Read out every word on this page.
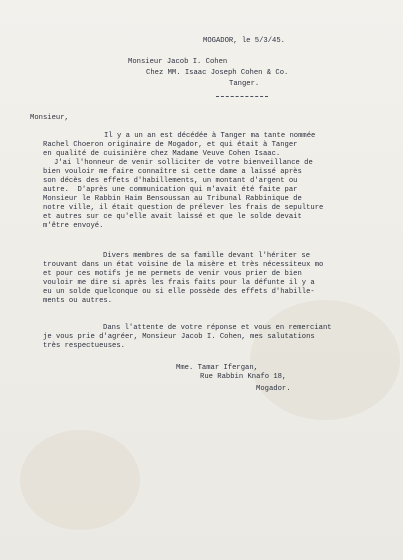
MOGADOR, le 5/3/45.
Monsieur Jacob I. Cohen
Chez MM. Isaac Joseph Cohen & Co.
Tanger.
Monsieur,
Il y a un an est décédée à Tanger ma tante nommée
Rachel Choeron originaire de Mogador, et qui était à Tanger
en qualité de cuisinière chez Madame Veuve Cohen Isaac.
J'ai l'honneur de venir solliciter de votre bienveillance de
bien vouloir me faire connaître si cette dame a laissé après
son décès des effets d'habillements, un montant d'argent ou
autre.  D'après une communication qui m'avait été faite par
Monsieur le Rabbin Haim Bensoussan au Tribunal Rabbinique de
notre ville, il était question de prélever les frais de sepulture
et autres sur ce qu'elle avait laissé et que le solde devait
m'être envoyé.
Divers membres de sa famille devant l'hériter se
trouvant dans un état voisine de la misère et très nécessiteux mo
et pour ces motifs je me permets de venir vous prier de bien
vouloir me dire si après les frais faits pour la défunte il y a
eu un solde quelconque ou si elle possède des effets d'habille-
ments ou autres.
Dans l'attente de votre réponse et vous en remerciant
je vous prie d'agréer, Monsieur Jacob I. Cohen, mes salutations
très respectueuses.
Mme. Tamar Ifergan,
Rue Rabbin Knafo 18,
Mogador.
